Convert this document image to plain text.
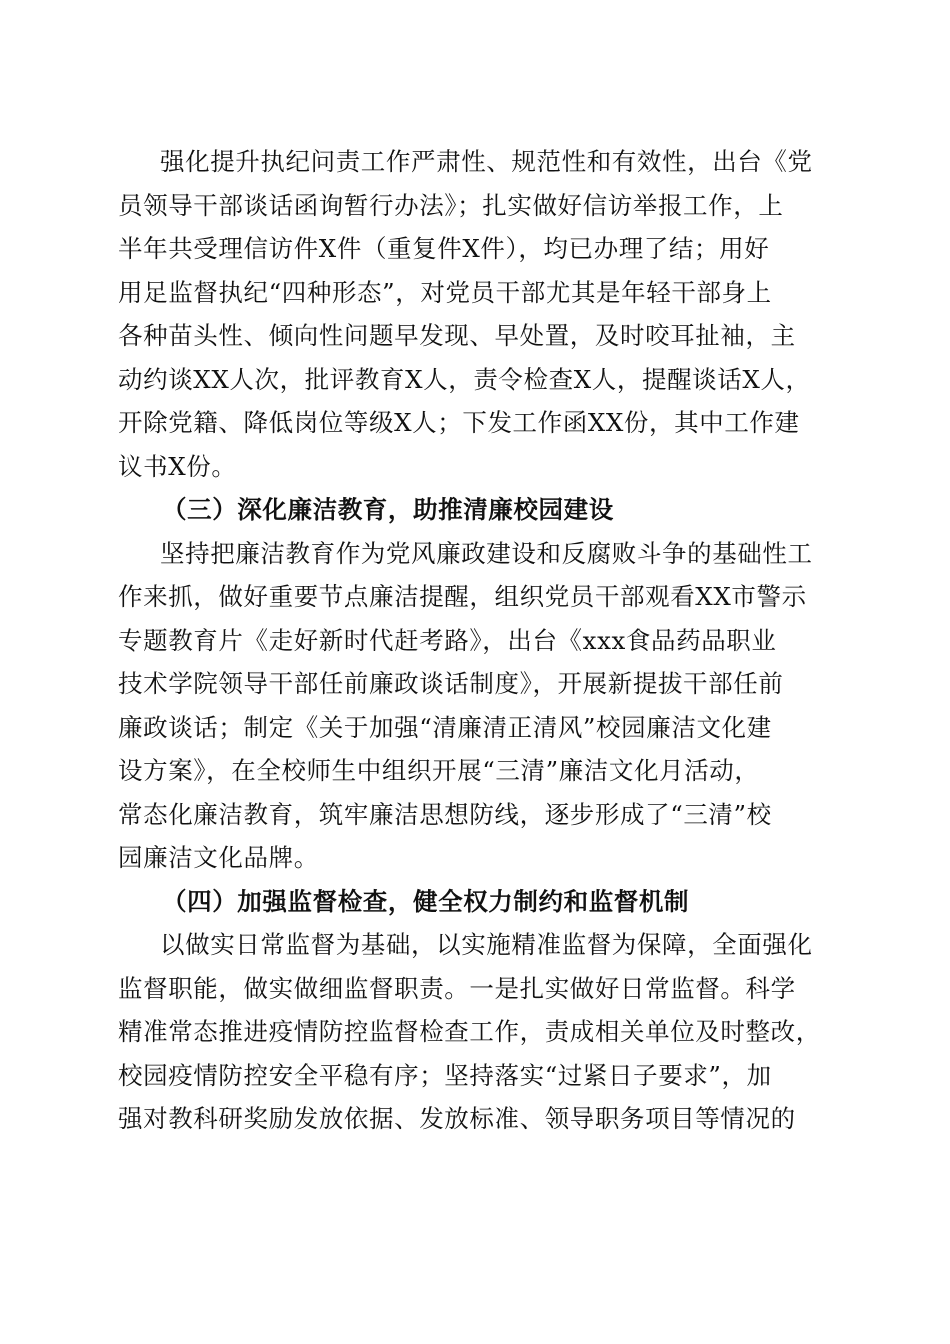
强化提升执纪问责工作严肃性、规范性和有效性，出台《党
员领导干部谈话函询暂行办法》；扎实做好信访举报工作，上
半年共受理信访件X件（重复件X件），均已办理了结；用好
用足监督执纪“四种形态”，对党员干部尤其是年轻干部身上
各种苗头性、倾向性问题早发现、早处置，及时咬耳扯袖，主
动约谈XX人次，批评教育X人，责令检查X人，提醒谈话X人，
开除党籍、降低岗位等级X人；下发工作函XX份，其中工作建
议书X份。
（三）深化廉洁教育，助推清廉校园建设
坚持把廉洁教育作为党风廉政建设和反腐败斗争的基础性工
作来抓，做好重要节点廉洁提醒，组织党员干部观看XX市警示
专题教育片《走好新时代赶考路》，出台《xxx食品药品职业
技术学院领导干部任前廉政谈话制度》，开展新提拔干部任前
廉政谈话；制定《关于加强“清廉清正清风”校园廉洁文化建
设方案》，在全校师生中组织开展“三清”廉洁文化月活动，
常态化廉洁教育，筑牢廉洁思想防线，逐步形成了“三清”校
园廉洁文化品牌。
（四）加强监督检查，健全权力制约和监督机制
以做实日常监督为基础，以实施精准监督为保障，全面强化
监督职能，做实做细监督职责。一是扎实做好日常监督。科学
精准常态推进疫情防控监督检查工作，责成相关单位及时整改，
校园疫情防控安全平稳有序；坚持落实“过紧日子要求”，加
强对教科研奖励发放依据、发放标准、领导职务项目等情况的
